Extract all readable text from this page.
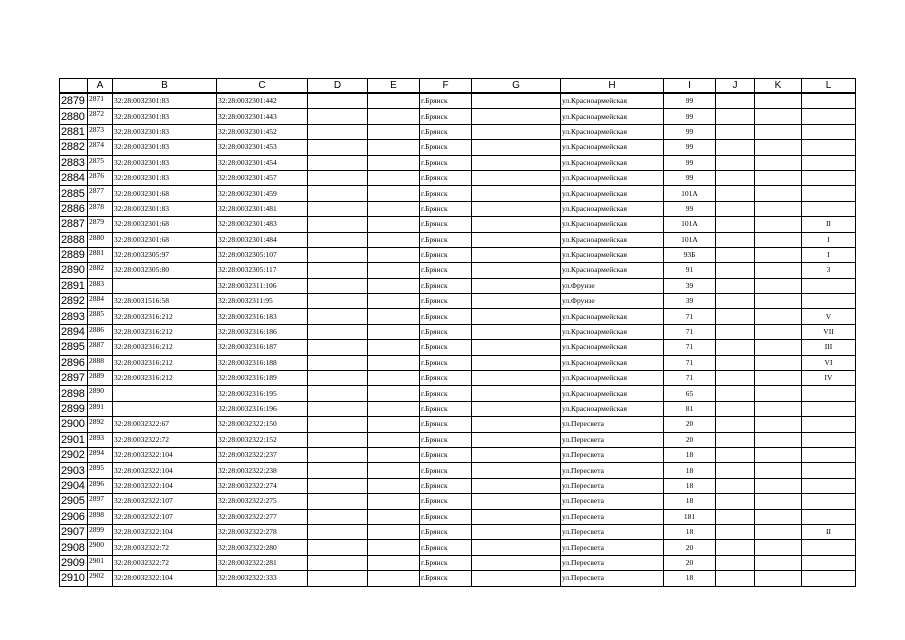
	A	B	C	D	E	F	G	H	I	J	K	L
2879	2871	32:28:0032301:83	32:28:0032301:442			г.Брянск		ул.Красноармейская	99			
2880	2872	32:28:0032301:83	32:28:0032301:443			г.Брянск		ул.Красноармейская	99			
2881	2873	32:28:0032301:83	32:28:0032301:452			г.Брянск		ул.Красноармейская	99			
2882	2874	32:28:0032301:83	32:28:0032301:453			г.Брянск		ул.Красноармейская	99			
2883	2875	32:28:0032301:83	32:28:0032301:454			г.Брянск		ул.Красноармейская	99			
2884	2876	32:28:0032301:83	32:28:0032301:457			г.Брянск		ул.Красноармейская	99			
2885	2877	32:28:0032301:68	32:28:0032301:459			г.Брянск		ул.Красноармейская	101А			
2886	2878	32:28:0032301:83	32:28:0032301:481			г.Брянск		ул.Красноармейская	99			
2887	2879	32:28:0032301:68	32:28:0032301:483			г.Брянск		ул.Красноармейская	101А			II
2888	2880	32:28:0032301:68	32:28:0032301:484			г.Брянск		ул.Красноармейская	101А			I
2889	2881	32:28:0032305:97	32:28:0032305:107			г.Брянск		ул.Красноармейская	93Б			I
2890	2882	32:28:0032305:80	32:28:0032305:117			г.Брянск		ул.Красноармейская	91			3
2891	2883		32:28:0032311:106			г.Брянск		ул.Фрунзе	39			
2892	2884	32:28:0031516:58	32:28:0032311:95			г.Брянск		ул.Фрунзе	39			
2893	2885	32:28:0032316:212	32:28:0032316:183			г.Брянск		ул.Красноармейская	71			V
2894	2886	32:28:0032316:212	32:28:0032316:186			г.Брянск		ул.Красноармейская	71			VII
2895	2887	32:28:0032316:212	32:28:0032316:187			г.Брянск		ул.Красноармейская	71			III
2896	2888	32:28:0032316:212	32:28:0032316:188			г.Брянск		ул.Красноармейская	71			VI
2897	2889	32:28:0032316:212	32:28:0032316:189			г.Брянск		ул.Красноармейская	71			IV
2898	2890		32:28:0032316:195			г.Брянск		ул.Красноармейская	65			
2899	2891		32:28:0032316:196			г.Брянск		ул.Красноармейская	81			
2900	2892	32:28:0032322:67	32:28:0032322:150			г.Брянск		ул.Пересвета	20			
2901	2893	32:28:0032322:72	32:28:0032322:152			г.Брянск		ул.Пересвета	20			
2902	2894	32:28:0032322:104	32:28:0032322:237			г.Брянск		ул.Пересвета	18			
2903	2895	32:28:0032322:104	32:28:0032322:238			г.Брянск		ул.Пересвета	18			
2904	2896	32:28:0032322:104	32:28:0032322:274			г.Брянск		ул.Пересвета	18			
2905	2897	32:28:0032322:107	32:28:0032322:275			г.Брянск		ул.Пересвета	18			
2906	2898	32:28:0032322:107	32:28:0032322:277			г.Брянск		ул.Пересвета	181			
2907	2899	32:28:0032322:104	32:28:0032322:278			г.Брянск		ул.Пересвета	18			II
2908	2900	32:28:0032322:72	32:28:0032322:280			г.Брянск		ул.Пересвета	20			
2909	2901	32:28:0032322:72	32:28:0032322:281			г.Брянск		ул.Пересвета	20			
2910	2902	32:28:0032322:104	32:28:0032322:333			г.Брянск		ул.Пересвета	18			
